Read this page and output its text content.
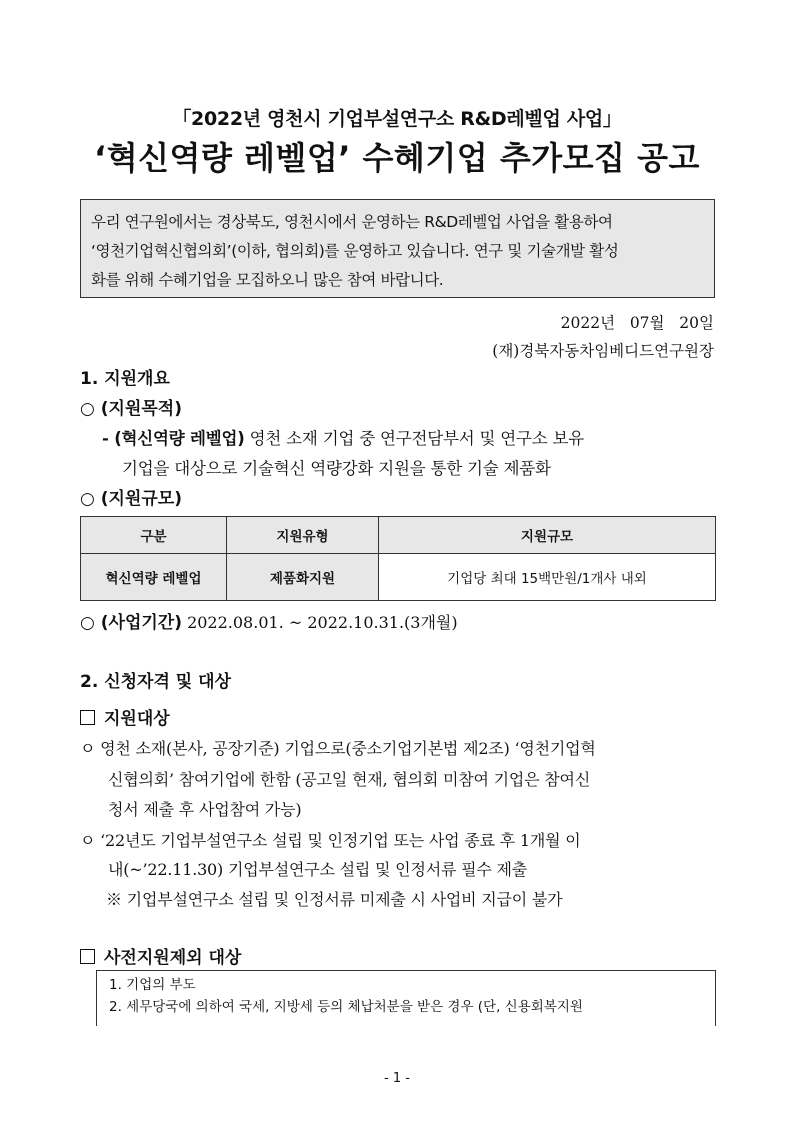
「2022년 영천시 기업부설연구소 R&D레벨업 사업」
‘혁신역량 레벨업’ 수혜기업 추가모집 공고

우리 연구원에서는 경상북도, 영천시에서 운영하는 R&D레벨업 사업을 활용하여

‘영천기업혁신협의회’(이하, 협의회)를 운영하고 있습니다. 연구 및 기술개발 활성

화를 위해 수혜기업을 모집하오니 많은 참여 바랍니다.

2022년   07월   20일
(재)경북자동차임베디드연구원장
1. 지원개요
○ (지원목적)
- (혁신역량 레벨업) 영천 소재 기업 중 연구전담부서 및 연구소 보유
기업을 대상으로 기술혁신 역량강화 지원을 통한 기술 제품화
○ (지원규모)
구분	지원유형	지원규모
혁신역량 레벨업	제품화지원	기업당 최대 15백만원/1개사 내외
○ (사업기간) 2022.08.01. ~ 2022.10.31.(3개월)
2. 신청자격 및 대상
지원대상
ㅇ 영천 소재(본사, 공장기준) 기업으로(중소기업기본법 제2조) ‘영천기업혁
신협의회’ 참여기업에 한함 (공고일 현재, 협의회 미참여 기업은 참여신
청서 제출 후 사업참여 가능)
ㅇ ‘22년도 기업부설연구소 설립 및 인정기업 또는 사업 종료 후 1개월 이
내(~’22.11.30) 기업부설연구소 설립 및 인정서류 필수 제출
※ 기업부설연구소 설립 및 인정서류 미제출 시 사업비 지급이 불가
사전지원제외 대상

1. 기업의 부도

2. 세무당국에 의하여 국세, 지방세 등의 체납처분을 받은 경우 (단, 신용회복지원

- 1 -
